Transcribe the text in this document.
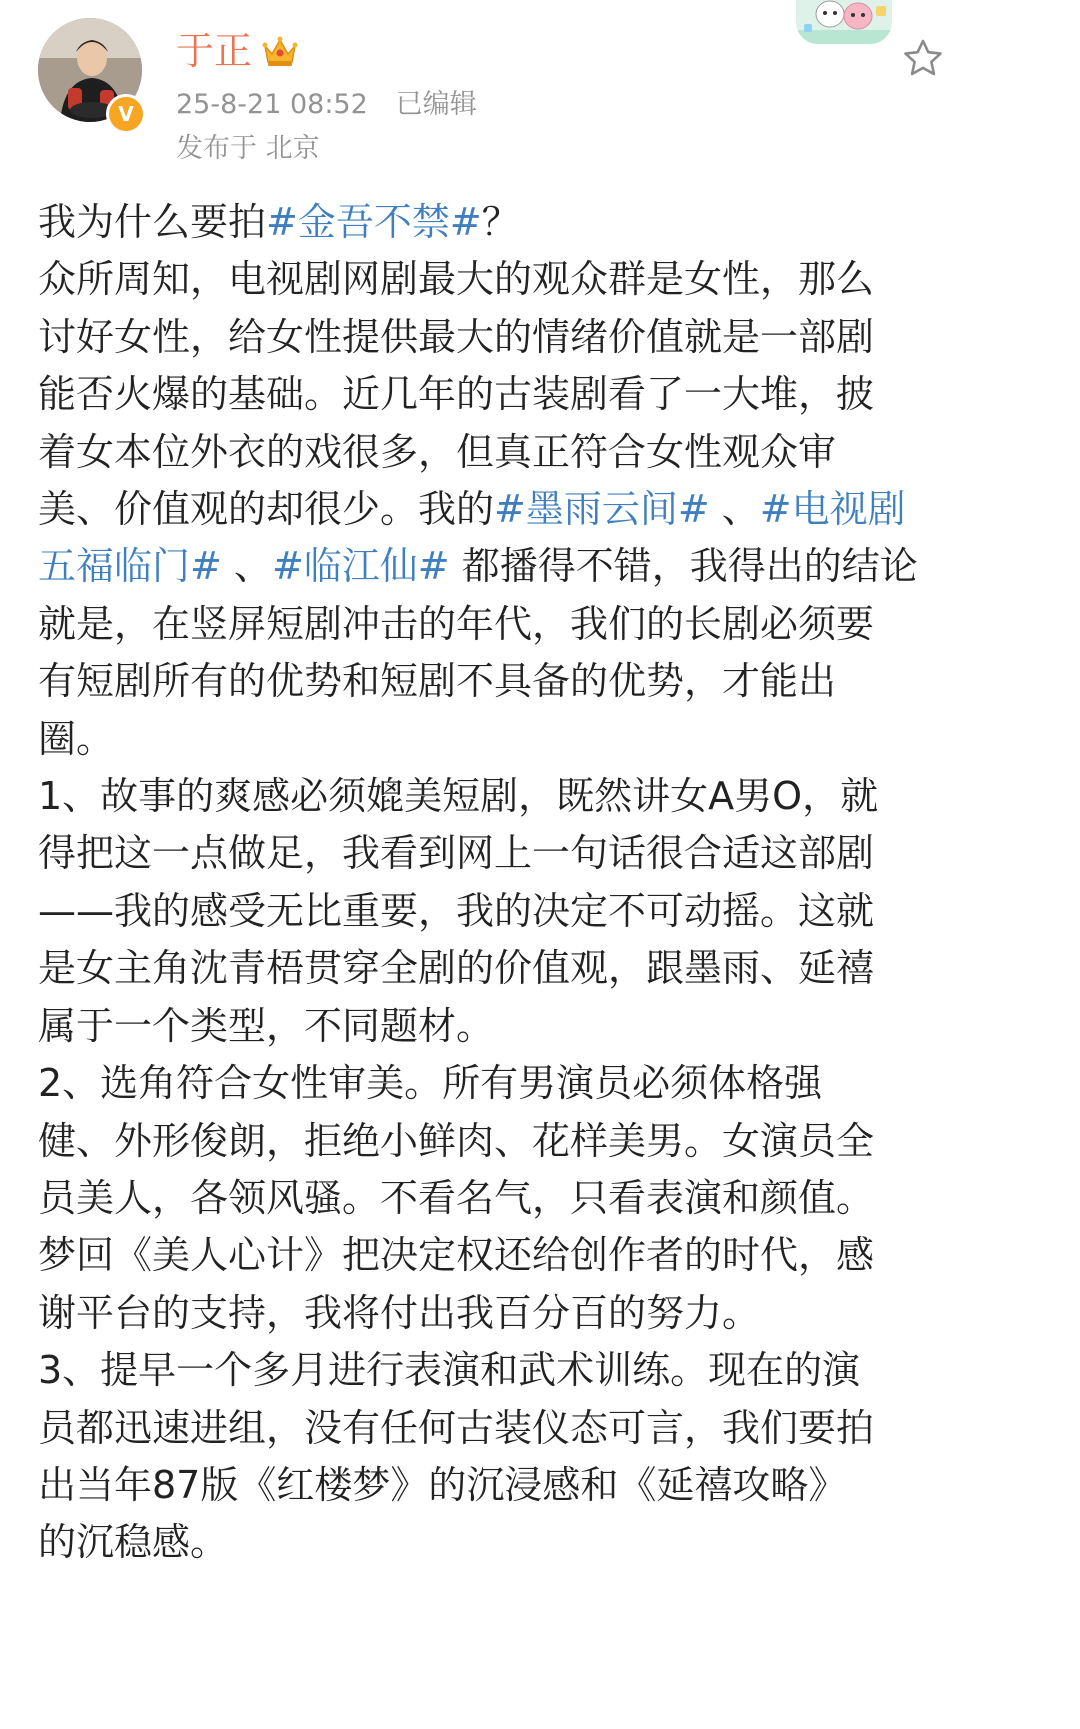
V
于正
25-8-21 08:52 已编辑
发布于 北京

我为什么要拍#金吾不禁#？

众所周知，电视剧网剧最大的观众群是女性，那么

讨好女性，给女性提供最大的情绪价值就是一部剧

能否火爆的基础。近几年的古装剧看了一大堆，披

着女本位外衣的戏很多，但真正符合女性观众审

美、价值观的却很少。我的#墨雨云间# 、#电视剧

五福临门# 、#临江仙# 都播得不错，我得出的结论

就是，在竖屏短剧冲击的年代，我们的长剧必须要

有短剧所有的优势和短剧不具备的优势，才能出

圈。

1、故事的爽感必须媲美短剧，既然讲女A男O，就

得把这一点做足，我看到网上一句话很合适这部剧

——我的感受无比重要，我的决定不可动摇。这就

是女主角沈青梧贯穿全剧的价值观，跟墨雨、延禧

属于一个类型，不同题材。

2、选角符合女性审美。所有男演员必须体格强

健、外形俊朗，拒绝小鲜肉、花样美男。女演员全

员美人，各领风骚。不看名气，只看表演和颜值。

梦回《美人心计》把决定权还给创作者的时代，感

谢平台的支持，我将付出我百分百的努力。

3、提早一个多月进行表演和武术训练。现在的演

员都迅速进组，没有任何古装仪态可言，我们要拍

出当年87版《红楼梦》的沉浸感和《延禧攻略》

的沉稳感。
